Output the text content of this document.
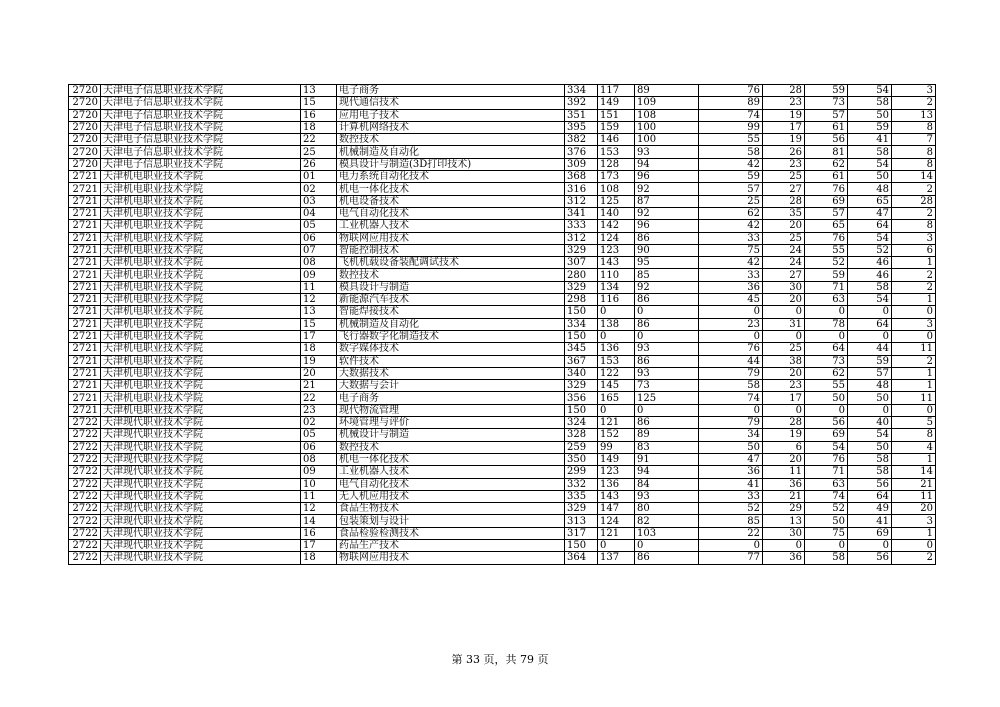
2720	天津电子信息职业技术学院	13	电子商务	334	117	89	76	28	59	54	3
2720	天津电子信息职业技术学院	15	现代通信技术	392	149	109	89	23	73	58	2
2720	天津电子信息职业技术学院	16	应用电子技术	351	151	108	74	19	57	50	13
2720	天津电子信息职业技术学院	18	计算机网络技术	395	159	100	99	17	61	59	8
2720	天津电子信息职业技术学院	22	数控技术	382	146	100	55	19	56	41	7
2720	天津电子信息职业技术学院	25	机械制造及自动化	376	153	93	58	26	81	58	8
2720	天津电子信息职业技术学院	26	模具设计与制造(3D打印技术)	309	128	94	42	23	62	54	8
2721	天津机电职业技术学院	01	电力系统自动化技术	368	173	96	59	25	61	50	14
2721	天津机电职业技术学院	02	机电一体化技术	316	108	92	57	27	76	48	2
2721	天津机电职业技术学院	03	机电设备技术	312	125	87	25	28	69	65	28
2721	天津机电职业技术学院	04	电气自动化技术	341	140	92	62	35	57	47	2
2721	天津机电职业技术学院	05	工业机器人技术	333	142	96	42	20	65	64	8
2721	天津机电职业技术学院	06	物联网应用技术	312	124	86	33	25	76	54	3
2721	天津机电职业技术学院	07	智能控制技术	329	123	90	75	24	55	52	6
2721	天津机电职业技术学院	08	飞机机载设备装配调试技术	307	143	95	42	24	52	46	1
2721	天津机电职业技术学院	09	数控技术	280	110	85	33	27	59	46	2
2721	天津机电职业技术学院	11	模具设计与制造	329	134	92	36	30	71	58	2
2721	天津机电职业技术学院	12	新能源汽车技术	298	116	86	45	20	63	54	1
2721	天津机电职业技术学院	13	智能焊接技术	150	0	0	0	0	0	0	0
2721	天津机电职业技术学院	15	机械制造及自动化	334	138	86	23	31	78	64	3
2721	天津机电职业技术学院	17	飞行器数字化制造技术	150	0	0	0	0	0	0	0
2721	天津机电职业技术学院	18	数字媒体技术	345	136	93	76	25	64	44	11
2721	天津机电职业技术学院	19	软件技术	367	153	86	44	38	73	59	2
2721	天津机电职业技术学院	20	大数据技术	340	122	93	79	20	62	57	1
2721	天津机电职业技术学院	21	大数据与会计	329	145	73	58	23	55	48	1
2721	天津机电职业技术学院	22	电子商务	356	165	125	74	17	50	50	11
2721	天津机电职业技术学院	23	现代物流管理	150	0	0	0	0	0	0	0
2722	天津现代职业技术学院	02	环境管理与评价	324	121	86	79	28	56	40	5
2722	天津现代职业技术学院	05	机械设计与制造	328	152	89	34	19	69	54	8
2722	天津现代职业技术学院	06	数控技术	259	99	83	50	6	54	50	4
2722	天津现代职业技术学院	08	机电一体化技术	350	149	91	47	20	76	58	1
2722	天津现代职业技术学院	09	工业机器人技术	299	123	94	36	11	71	58	14
2722	天津现代职业技术学院	10	电气自动化技术	332	136	84	41	36	63	56	21
2722	天津现代职业技术学院	11	无人机应用技术	335	143	93	33	21	74	64	11
2722	天津现代职业技术学院	12	食品生物技术	329	147	80	52	29	52	49	20
2722	天津现代职业技术学院	14	包装策划与设计	313	124	82	85	13	50	41	3
2722	天津现代职业技术学院	16	食品检验检测技术	317	121	103	22	30	75	69	1
2722	天津现代职业技术学院	17	药品生产技术	150	0	0	0	0	0	0	0
2722	天津现代职业技术学院	18	物联网应用技术	364	137	86	77	36	58	56	2
第 33 页，共 79 页
